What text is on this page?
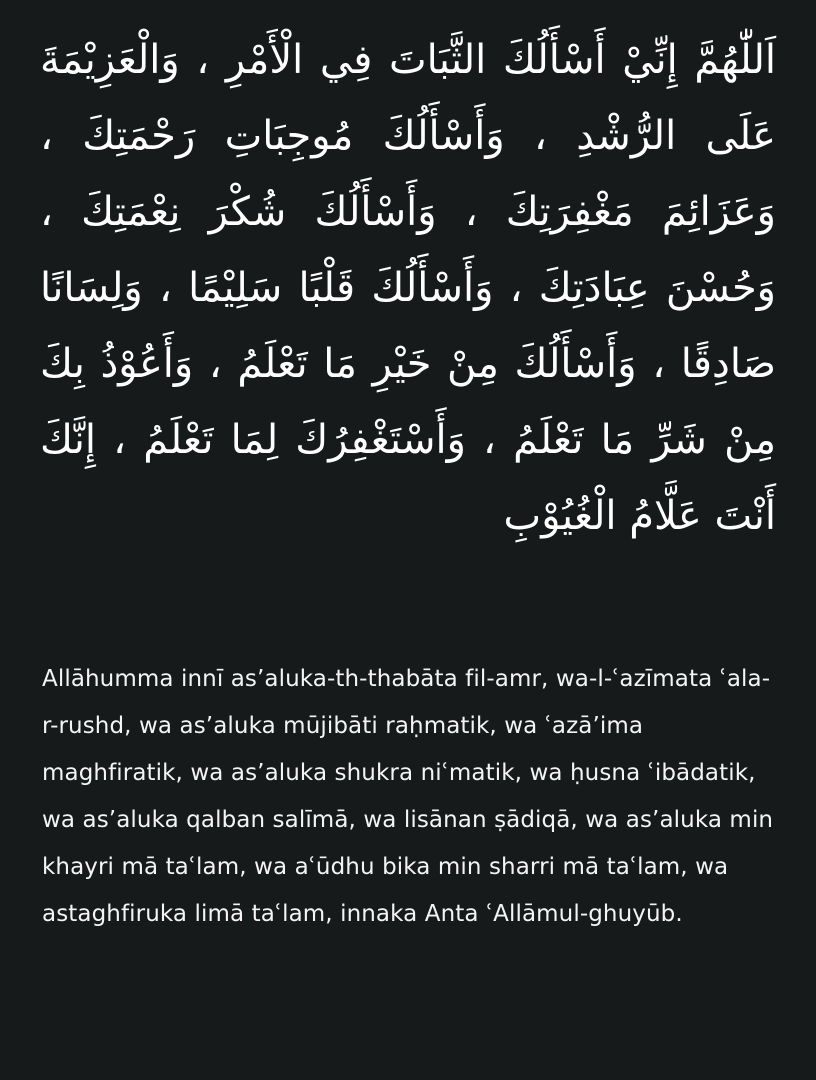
اَللّٰهُمَّ إِنِّيْ أَسْأَلُكَ الثَّبَاتَ فِي الْأَمْرِ ، وَالْعَزِيْمَةَ عَلَى الرُّشْدِ ، وَأَسْأَلُكَ مُوجِبَاتِ رَحْمَتِكَ ، وَعَزَائِمَ مَغْفِرَتِكَ ، وَأَسْأَلُكَ شُكْرَ نِعْمَتِكَ ، وَحُسْنَ عِبَادَتِكَ ، وَأَسْأَلُكَ قَلْبًا سَلِيْمًا ، وَلِسَانًا صَادِقًا ، وَأَسْأَلُكَ مِنْ خَيْرِ مَا تَعْلَمُ ، وَأَعُوْذُ بِكَ مِنْ شَرِّ مَا تَعْلَمُ ، وَأَسْتَغْفِرُكَ لِمَا تَعْلَمُ ، إِنَّكَ أَنْتَ عَلَّامُ الْغُيُوْبِ

Allāhumma innī as’aluka-th-thabāta fil-amr, wa-l-ʿazīmata ʿala-r-rushd, wa as’aluka mūjibāti raḥmatik, wa ʿazā’ima maghfiratik, wa as’aluka shukra niʿmatik, wa ḥusna ʿibādatik, wa as’aluka qalban salīmā, wa lisānan ṣādiqā, wa as’aluka min khayri mā taʿlam, wa aʿūdhu bika min sharri mā taʿlam, wa astaghfiruka limā taʿlam, innaka Anta ʿAllāmul-ghuyūb.
